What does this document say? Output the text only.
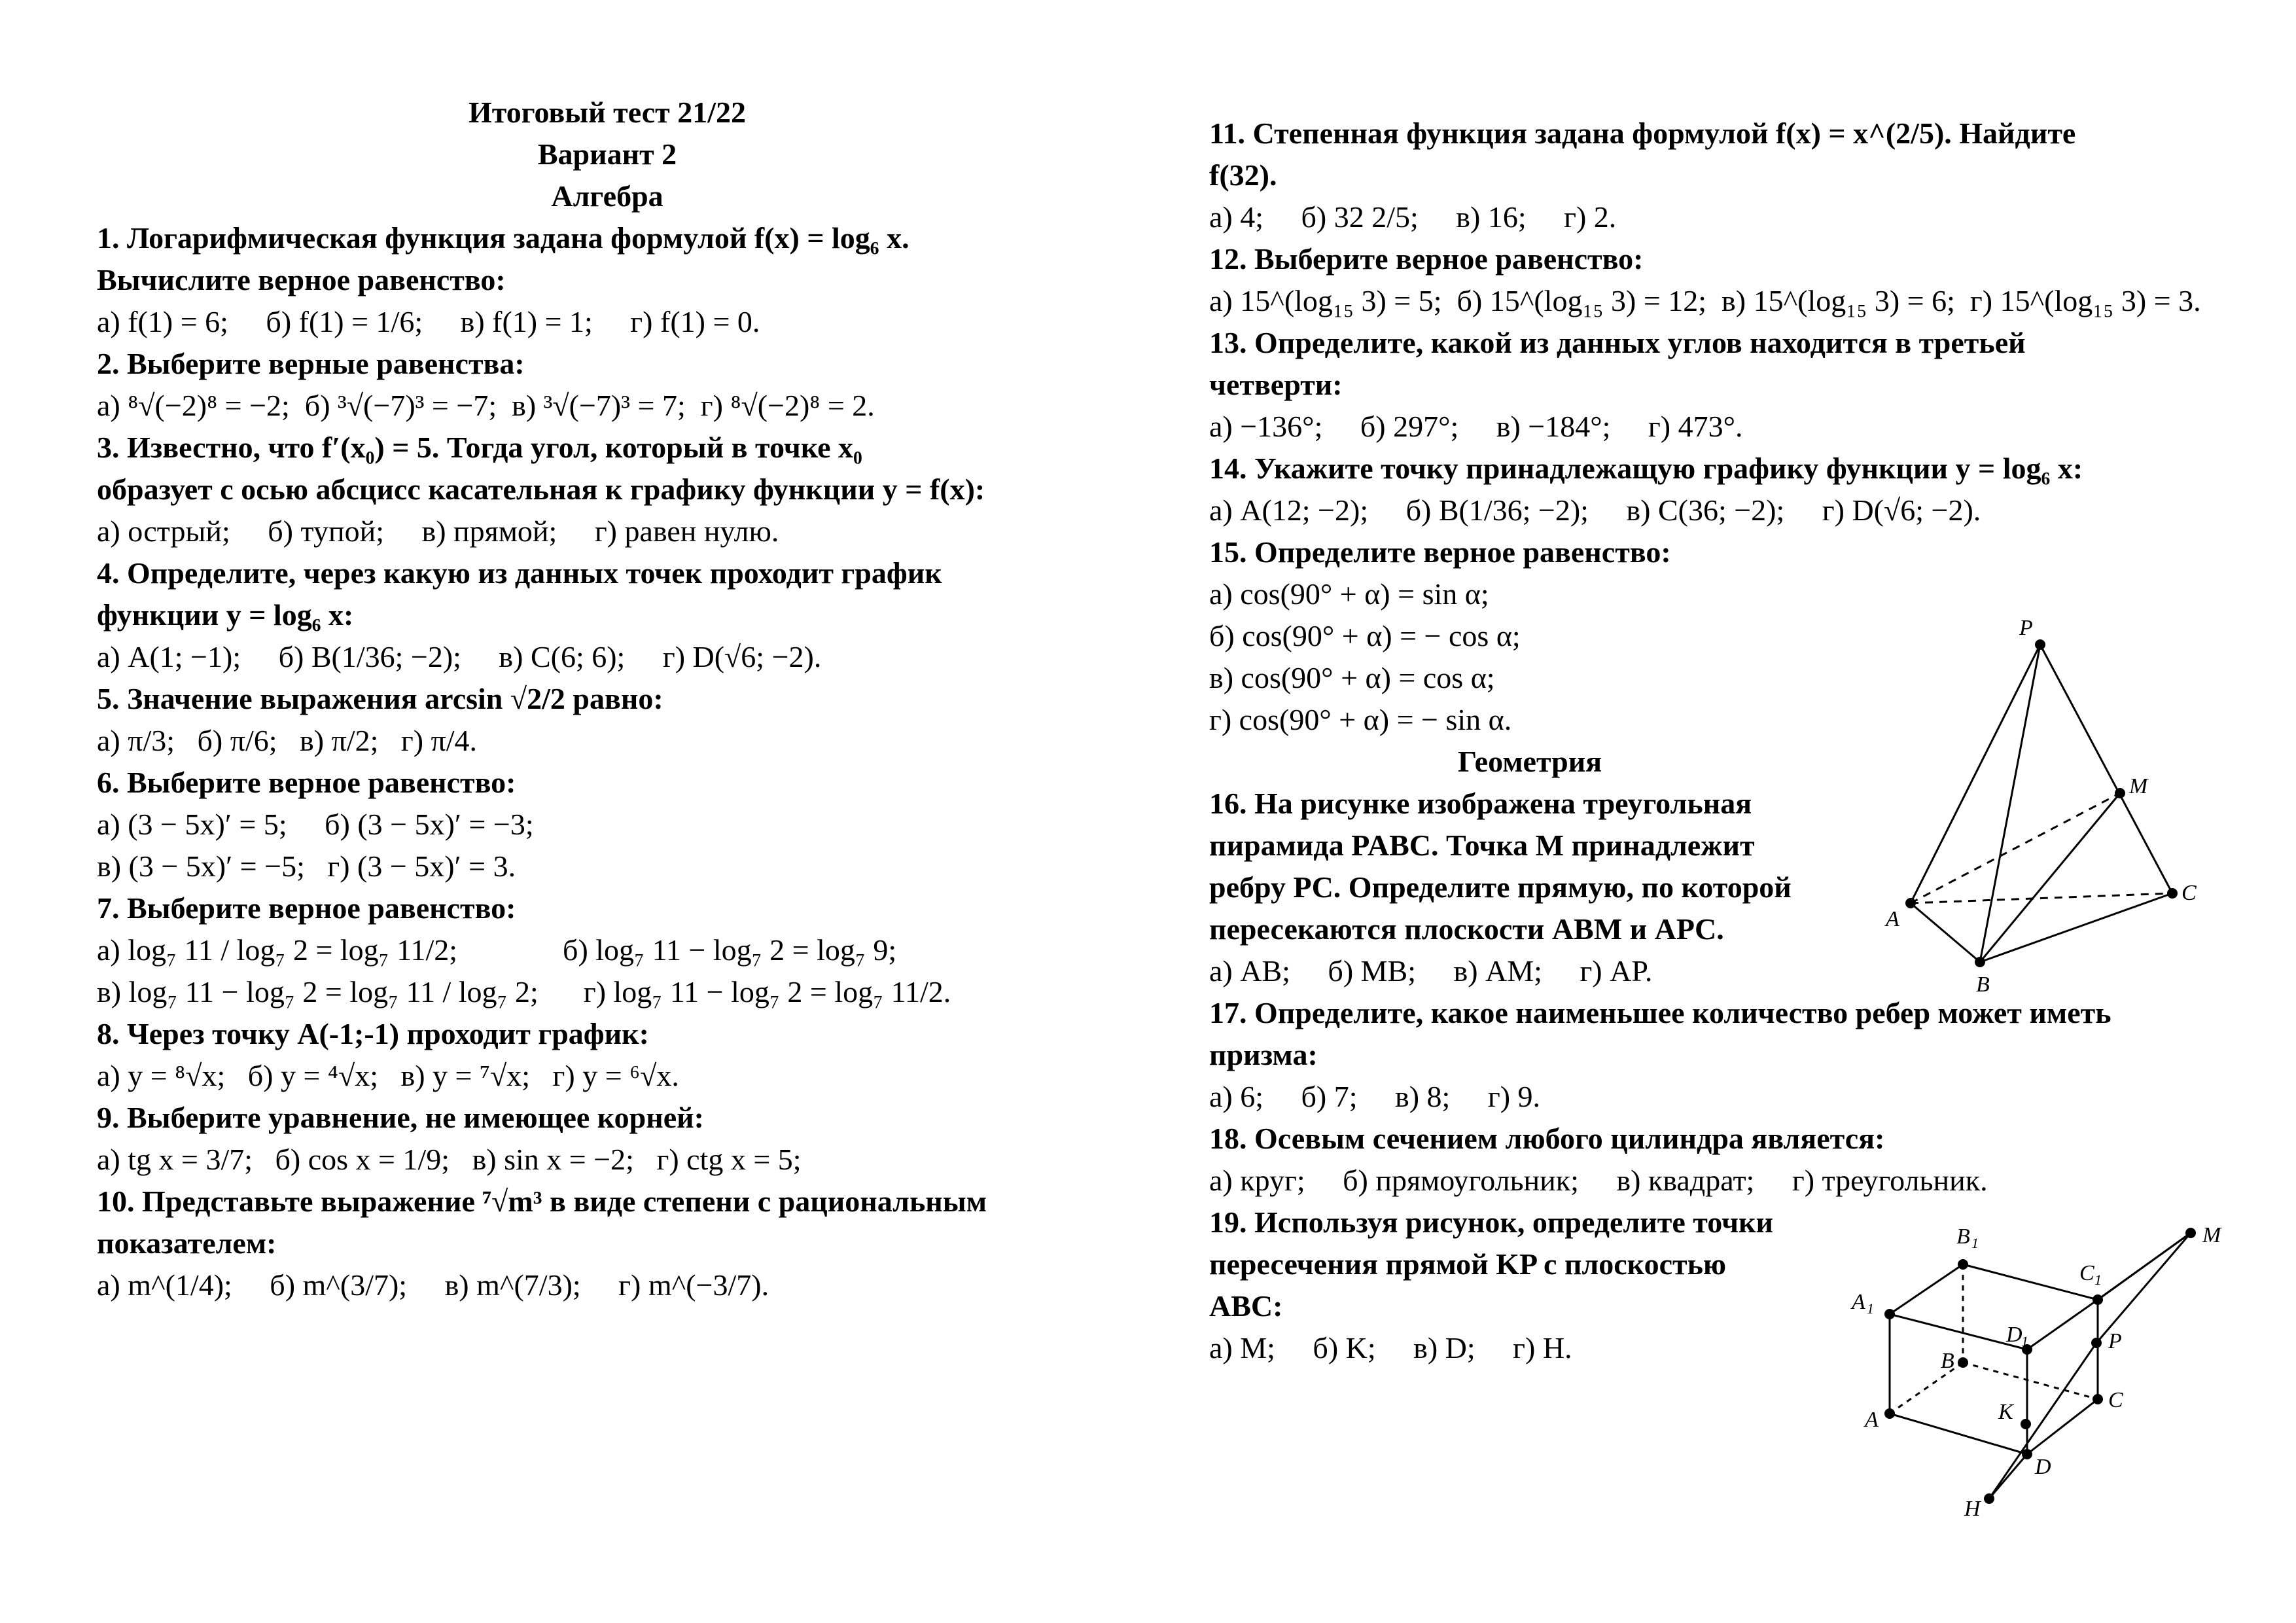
Итоговый тест 21/22
Вариант 2
Алгебра
1. Логарифмическая функция задана формулой f(x) = log₆ x.
Вычислите верное равенство:
а) f(1) = 6;     б) f(1) = 1/6;     в) f(1) = 1;     г) f(1) = 0.
2. Выберите верные равенства:
а) ⁸√(−2)⁸ = −2;  б) ³√(−7)³ = −7;  в) ³√(−7)³ = 7;  г) ⁸√(−2)⁸ = 2.
3. Известно, что f′(x₀) = 5. Тогда угол, который в точке x₀
образует с осью абсцисс касательная к графику функции y = f(x):
а) острый;     б) тупой;     в) прямой;     г) равен нулю.
4. Определите, через какую из данных точек проходит график
функции y = log₆ x:
а) A(1; −1);     б) B(1/36; −2);     в) C(6; 6);     г) D(√6; −2).
5. Значение выражения arcsin √2/2 равно:
а) π/3;   б) π/6;   в) π/2;   г) π/4.
6. Выберите верное равенство:
а) (3 − 5x)′ = 5;     б) (3 − 5x)′ = −3;
в) (3 − 5x)′ = −5;   г) (3 − 5x)′ = 3.
7. Выберите верное равенство:
а) log₇ 11 / log₇ 2 = log₇ 11/2;              б) log₇ 11 − log₇ 2 = log₇ 9;
в) log₇ 11 − log₇ 2 = log₇ 11 / log₇ 2;      г) log₇ 11 − log₇ 2 = log₇ 11/2.
8. Через точку A(-1;-1) проходит график:
а) y = ⁸√x;   б) y = ⁴√x;   в) y = ⁷√x;   г) y = ⁶√x.
9. Выберите уравнение, не имеющее корней:
а) tg x = 3/7;   б) cos x = 1/9;   в) sin x = −2;   г) ctg x = 5;
10. Представьте выражение ⁷√m³ в виде степени с рациональным
показателем:
а) m^(1/4);     б) m^(3/7);     в) m^(7/3);     г) m^(−3/7).
11. Степенная функция задана формулой f(x) = x^(2/5). Найдите
f(32).
а) 4;     б) 32 2/5;     в) 16;     г) 2.
12. Выберите верное равенство:
а) 15^(log₁₅ 3) = 5;  б) 15^(log₁₅ 3) = 12;  в) 15^(log₁₅ 3) = 6;  г) 15^(log₁₅ 3) = 3.
13. Определите, какой из данных углов находится в третьей
четверти:
а) −136°;     б) 297°;     в) −184°;     г) 473°.
14. Укажите точку принадлежащую графику функции y = log₆ x:
а) A(12; −2);     б) B(1/36; −2);     в) C(36; −2);     г) D(√6; −2).
15. Определите верное равенство:
а) cos(90° + α) = sin α;
б) cos(90° + α) = − cos α;
в) cos(90° + α) = cos α;
г) cos(90° + α) = − sin α.
Геометрия
16. На рисунке изображена треугольная
пирамида PABC. Точка M принадлежит
ребру PC. Определите прямую, по которой
пересекаются плоскости ABM и APC.
а) AB;     б) MB;     в) AM;     г) AP.
17. Определите, какое наименьшее количество ребер может иметь
призма:
а) 6;     б) 7;     в) 8;     г) 9.
18. Осевым сечением любого цилиндра является:
а) круг;     б) прямоугольник;     в) квадрат;     г) треугольник.
19. Используя рисунок, определите точки
пересечения прямой KP с плоскостью
ABC:
а) M;     б) K;     в) D;     г) H.
P
M
A
B
C
B 1
C 1
A 1
D
1
M
P
B
C
K
A
D
H
